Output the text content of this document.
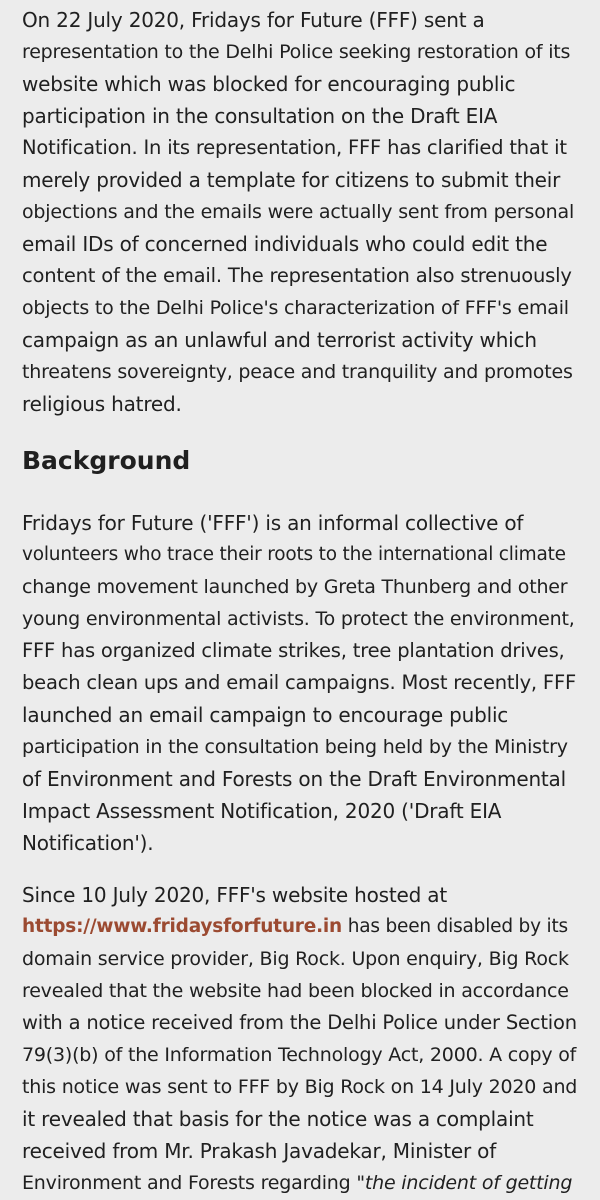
On 22 July 2020, Fridays for Future (FFF) sent a
representation to the Delhi Police seeking restoration of its
website which was blocked for encouraging public
participation in the consultation on the Draft EIA
Notification. In its representation, FFF has clarified that it
merely provided a template for citizens to submit their
objections and the emails were actually sent from personal
email IDs of concerned individuals who could edit the
content of the email. The representation also strenuously
objects to the Delhi Police's characterization of FFF's email
campaign as an unlawful and terrorist activity which
threatens sovereignty, peace and tranquility and promotes
religious hatred.

Background

Fridays for Future ('FFF') is an informal collective of
volunteers who trace their roots to the international climate
change movement launched by Greta Thunberg and other
young environmental activists. To protect the environment,
FFF has organized climate strikes, tree plantation drives,
beach clean ups and email campaigns. Most recently, FFF
launched an email campaign to encourage public
participation in the consultation being held by the Ministry
of Environment and Forests on the Draft Environmental
Impact Assessment Notification, 2020 ('Draft EIA
Notification').

Since 10 July 2020, FFF's website hosted at
https://www.fridaysforfuture.in has been disabled by its
domain service provider, Big Rock. Upon enquiry, Big Rock
revealed that the website had been blocked in accordance
with a notice received from the Delhi Police under Section
79(3)(b) of the Information Technology Act, 2000. A copy of
this notice was sent to FFF by Big Rock on 14 July 2020 and
it revealed that basis for the notice was a complaint
received from Mr. Prakash Javadekar, Minister of
Environment and Forests regarding "the incident of getting
